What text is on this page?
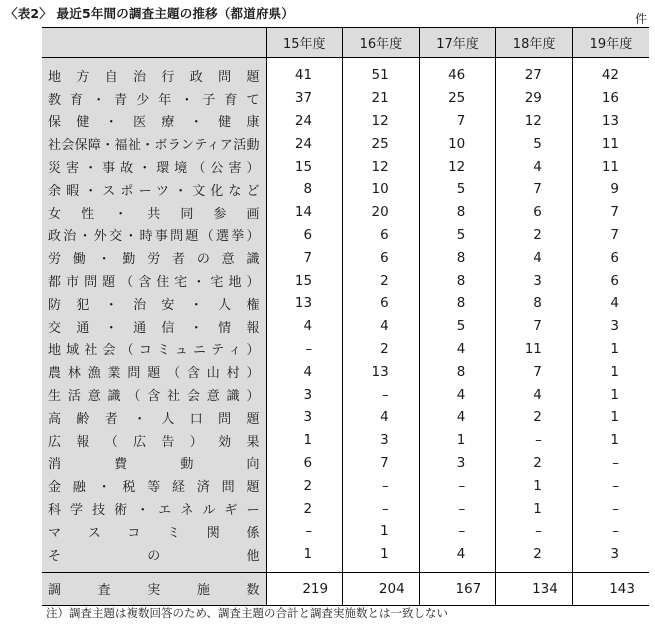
〈表2〉 最近5年間の調査主題の推移（都道府県）	件
	15年度	16年度	17年度	18年度	19年度
地方自治行政問題	41	51	46	27	42
教育・青少年・子育て	37	21	25	29	16
保健・医療・健康	24	12	7	12	13
社会保障・福祉・ボランティア活動	24	25	10	5	11
災害・事故・環境（公害）	15	12	12	4	11
余暇・スポーツ・文化など	8	10	5	7	9
女性・共同参画	14	20	8	6	7
政治・外交・時事問題（選挙）	6	6	5	2	7
労働・勤労者の意識	7	6	8	4	6
都市問題（含住宅・宅地）	15	2	8	3	6
防犯・治安・人権	13	6	8	8	4
交通・通信・情報	4	4	5	7	3
地域社会（コミュニティ）	–	2	4	11	1
農林漁業問題（含山村）	4	13	8	7	1
生活意識（含社会意識）	3	–	4	4	1
高齢者・人口問題	3	4	4	2	1
広報（広告）効果	1	3	1	–	1
消費動向	6	7	3	2	–
金融・税等経済問題	2	–	–	1	–
科学技術・エネルギー	2	–	–	1	–
マスコミ関係	–	1	–	–	–
その他	1	1	4	2	3
調査実施数	219	204	167	134	143
注）調査主題は複数回答のため、調査主題の合計と調査実施数とは一致しない
